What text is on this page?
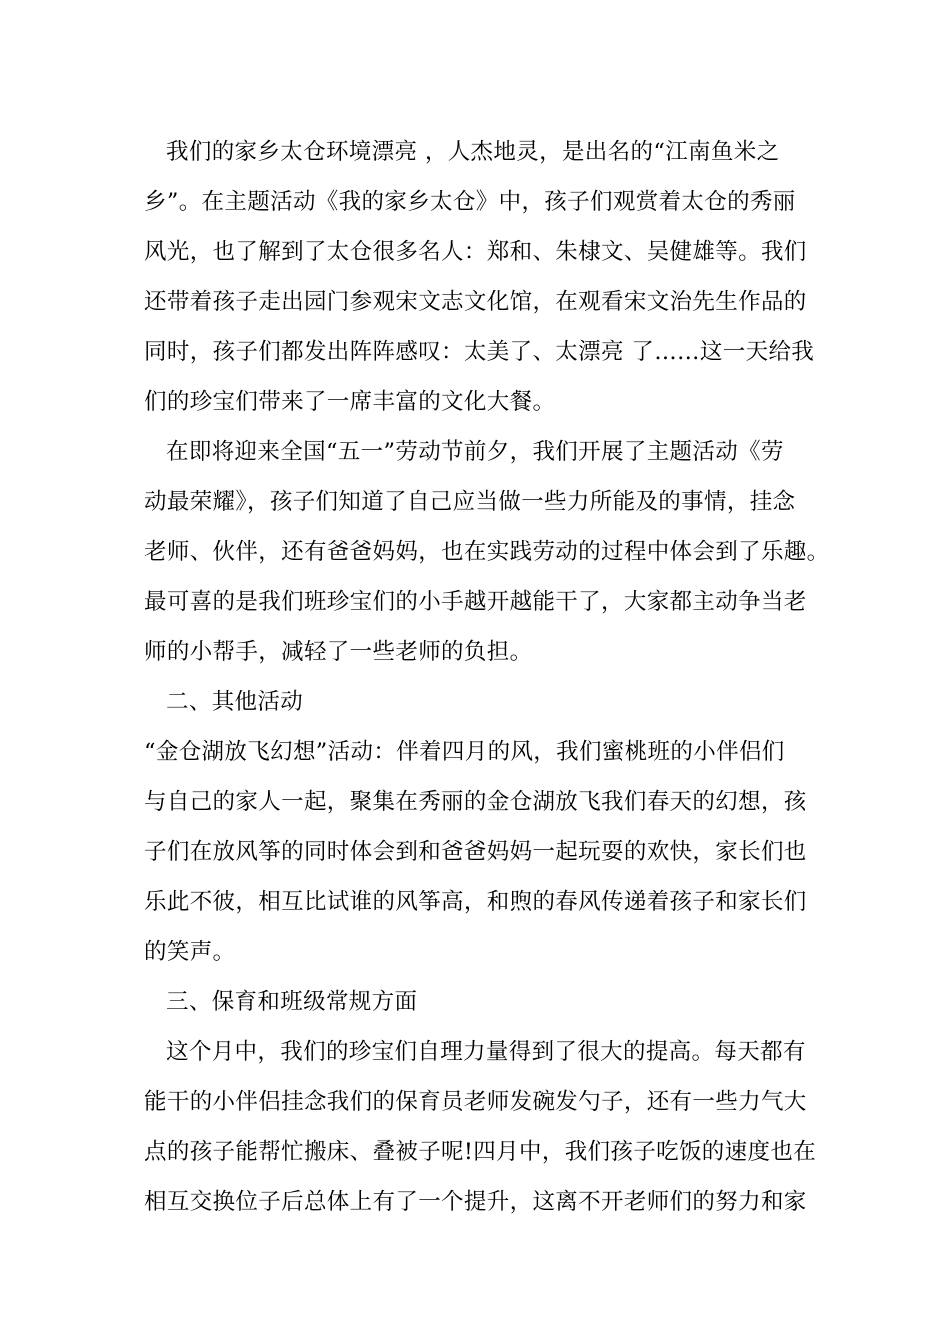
我们的家乡太仓环境漂亮 ，人杰地灵，是出名的“江南鱼米之
乡”。在主题活动《我的家乡太仓》中，孩子们观赏着太仓的秀丽
风光，也了解到了太仓很多名人：郑和、朱棣文、吴健雄等。我们
还带着孩子走出园门参观宋文志文化馆，在观看宋文治先生作品的
同时，孩子们都发出阵阵感叹：太美了、太漂亮 了……这一天给我
们的珍宝们带来了一席丰富的文化大餐。
在即将迎来全国“五一”劳动节前夕，我们开展了主题活动《劳
动最荣耀》，孩子们知道了自己应当做一些力所能及的事情，挂念
老师、伙伴，还有爸爸妈妈，也在实践劳动的过程中体会到了乐趣。
最可喜的是我们班珍宝们的小手越开越能干了，大家都主动争当老
师的小帮手，减轻了一些老师的负担。
二、其他活动
“金仓湖放飞幻想”活动：伴着四月的风，我们蜜桃班的小伴侣们
与自己的家人一起，聚集在秀丽的金仓湖放飞我们春天的幻想，孩
子们在放风筝的同时体会到和爸爸妈妈一起玩耍的欢快，家长们也
乐此不彼，相互比试谁的风筝高，和煦的春风传递着孩子和家长们
的笑声。
三、保育和班级常规方面
这个月中，我们的珍宝们自理力量得到了很大的提高。每天都有
能干的小伴侣挂念我们的保育员老师发碗发勺子，还有一些力气大
点的孩子能帮忙搬床、叠被子呢!四月中，我们孩子吃饭的速度也在
相互交换位子后总体上有了一个提升，这离不开老师们的努力和家
